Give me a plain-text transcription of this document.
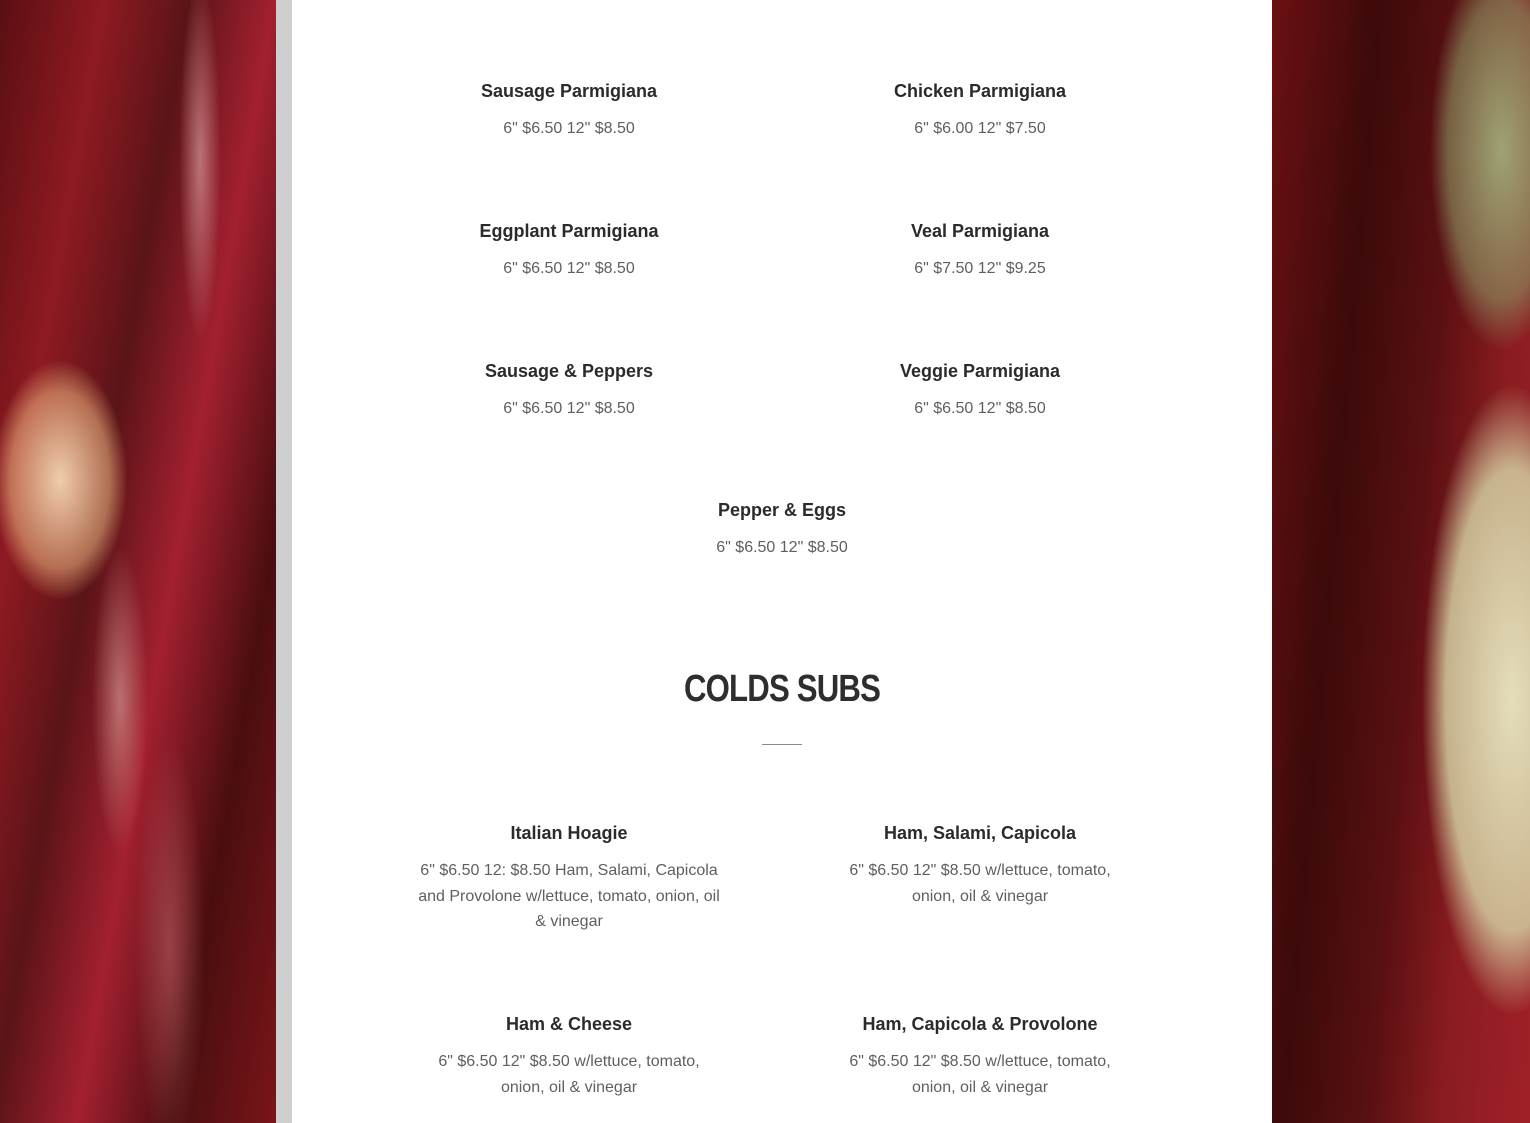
Sausage Parmigiana
6" $6.50 12" $8.50
Chicken Parmigiana
6" $6.00 12" $7.50
Eggplant Parmigiana
6" $6.50 12" $8.50
Veal Parmigiana
6" $7.50 12" $9.25
Sausage & Peppers
6" $6.50 12" $8.50
Veggie Parmigiana
6" $6.50 12" $8.50
Pepper & Eggs
6" $6.50 12" $8.50
COLDS SUBS
Italian Hoagie
6" $6.50 12: $8.50 Ham, Salami, Capicola and Provolone w/lettuce, tomato, onion, oil & vinegar
Ham, Salami, Capicola
6" $6.50 12" $8.50 w/lettuce, tomato, onion, oil & vinegar
Ham & Cheese
6" $6.50 12" $8.50 w/lettuce, tomato, onion, oil & vinegar
Ham, Capicola & Provolone
6" $6.50 12" $8.50 w/lettuce, tomato, onion, oil & vinegar
